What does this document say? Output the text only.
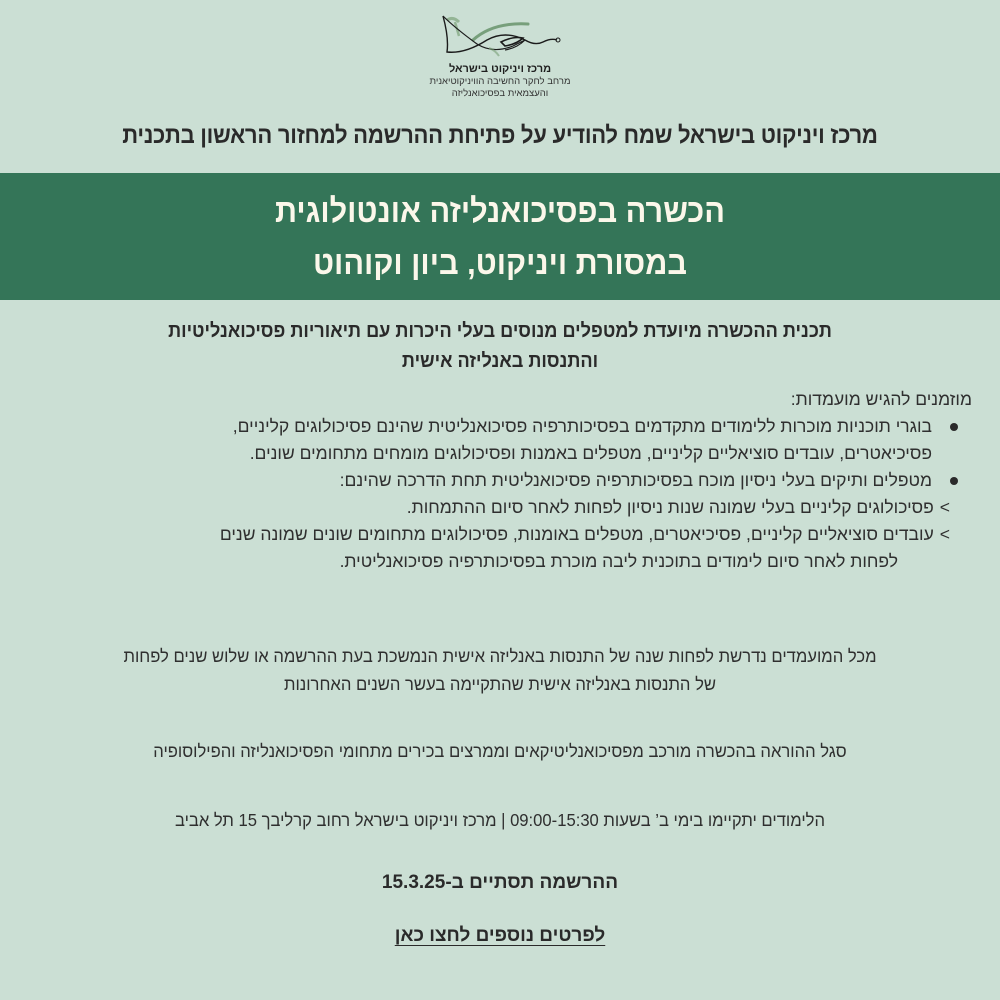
מרכז ויניקוט בישראל
מרחב לחקר החשיבה הוויניקוטיאנית
והעצמאית בפסיכואנליזה
מרכז ויניקוט בישראל שמח להודיע על פתיחת ההרשמה למחזור הראשון בתכנית
הכשרה בפסיכואנליזה אונטולוגית
במסורת ויניקוט, ביון וקוהוט
תכנית ההכשרה מיועדת למטפלים מנוסים בעלי היכרות עם תיאוריות פסיכואנליטיות
והתנסות באנליזה אישית
מוזמנים להגיש מועמדות:
בוגרי תוכניות מוכרות ללימודים מתקדמים בפסיכותרפיה פסיכואנליטית שהינם פסיכולוגים קליניים,
פסיכיאטרים, עובדים סוציאליים קליניים, מטפלים באמנות ופסיכולוגים מומחים מתחומים שונים.
מטפלים ותיקים בעלי ניסיון מוכח בפסיכותרפיה פסיכואנליטית תחת הדרכה שהינם:
>פסיכולוגים קליניים בעלי שמונה שנות ניסיון לפחות לאחר סיום ההתמחות.
>עובדים סוציאליים קליניים, פסיכיאטרים, מטפלים באומנות, פסיכולוגים מתחומים שונים שמונה שנים
לפחות לאחר סיום לימודים בתוכנית ליבה מוכרת בפסיכותרפיה פסיכואנליטית.
מכל המועמדים נדרשת לפחות שנה של התנסות באנליזה אישית הנמשכת בעת ההרשמה או שלוש שנים לפחות
של התנסות באנליזה אישית שהתקיימה בעשר השנים האחרונות
סגל ההוראה בהכשרה מורכב מפסיכואנליטיקאים וממרצים בכירים מתחומי הפסיכואנליזה והפילוסופיה
הלימודים יתקיימו בימי ב’ בשעות 09:00-15:30 | מרכז ויניקוט בישראל רחוב קרליבך 15 תל אביב
ההרשמה תסתיים ב-15.3.25
לפרטים נוספים לחצו כאן
